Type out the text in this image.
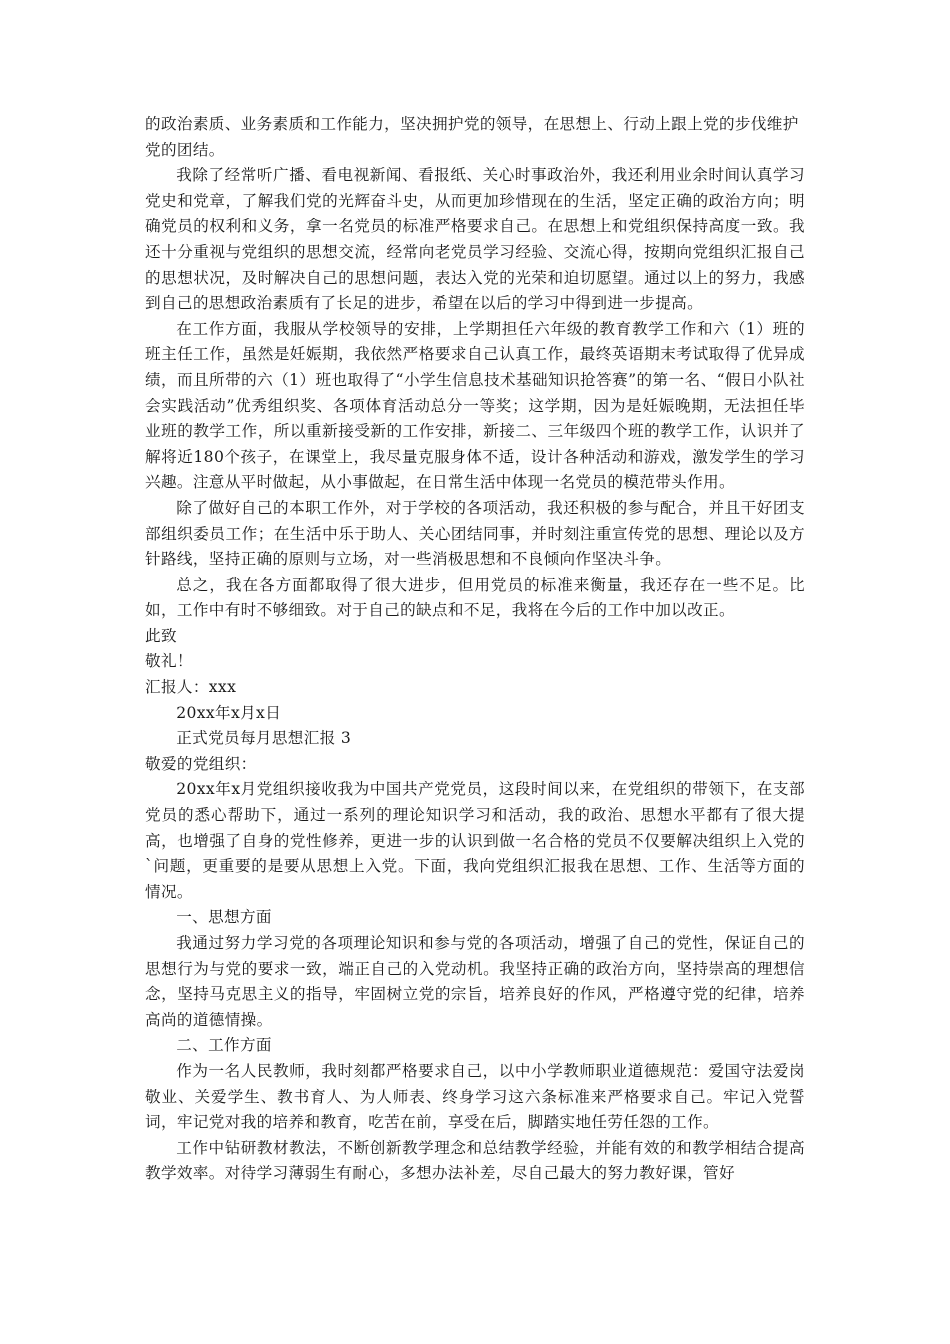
的政治素质、业务素质和工作能力，坚决拥护党的领导，在思想上、行动上跟上党的步伐维护党的团结。

我除了经常听广播、看电视新闻、看报纸、关心时事政治外，我还利用业余时间认真学习党史和党章，了解我们党的光辉奋斗史，从而更加珍惜现在的生活，坚定正确的政治方向；明确党员的权利和义务，拿一名党员的标准严格要求自己。在思想上和党组织保持高度一致。我还十分重视与党组织的思想交流，经常向老党员学习经验、交流心得，按期向党组织汇报自己的思想状况，及时解决自己的思想问题，表达入党的光荣和迫切愿望。通过以上的努力，我感到自己的思想政治素质有了长足的进步，希望在以后的学习中得到进一步提高。

在工作方面，我服从学校领导的安排，上学期担任六年级的教育教学工作和六（1）班的班主任工作，虽然是妊娠期，我依然严格要求自己认真工作，最终英语期末考试取得了优异成绩，而且所带的六（1）班也取得了“小学生信息技术基础知识抢答赛”的第一名、“假日小队社会实践活动”优秀组织奖、各项体育活动总分一等奖；这学期，因为是妊娠晚期，无法担任毕业班的教学工作，所以重新接受新的工作安排，新接二、三年级四个班的教学工作，认识并了解将近180个孩子，在课堂上，我尽量克服身体不适，设计各种活动和游戏，激发学生的学习兴趣。注意从平时做起，从小事做起，在日常生活中体现一名党员的模范带头作用。

除了做好自己的本职工作外，对于学校的各项活动，我还积极的参与配合，并且干好团支部组织委员工作；在生活中乐于助人、关心团结同事，并时刻注重宣传党的思想、理论以及方针路线，坚持正确的原则与立场，对一些消极思想和不良倾向作坚决斗争。

总之，我在各方面都取得了很大进步，但用党员的标准来衡量，我还存在一些不足。比如，工作中有时不够细致。对于自己的缺点和不足，我将在今后的工作中加以改正。

此致

敬礼！

汇报人：xxx

20xx年x月x日

正式党员每月思想汇报 3

敬爱的党组织：

20xx年x月党组织接收我为中国共产党党员，这段时间以来，在党组织的带领下，在支部党员的悉心帮助下，通过一系列的理论知识学习和活动，我的政治、思想水平都有了很大提高，也增强了自身的党性修养，更进一步的认识到做一名合格的党员不仅要解决组织上入党的`问题，更重要的是要从思想上入党。下面，我向党组织汇报我在思想、工作、生活等方面的情况。

一、思想方面

我通过努力学习党的各项理论知识和参与党的各项活动，增强了自己的党性，保证自己的思想行为与党的要求一致，端正自己的入党动机。我坚持正确的政治方向，坚持崇高的理想信念，坚持马克思主义的指导，牢固树立党的宗旨，培养良好的作风，严格遵守党的纪律，培养高尚的道德情操。

二、工作方面

作为一名人民教师，我时刻都严格要求自己，以中小学教师职业道德规范：爱国守法爱岗敬业、关爱学生、教书育人、为人师表、终身学习这六条标准来严格要求自己。牢记入党誓词，牢记党对我的培养和教育，吃苦在前，享受在后，脚踏实地任劳任怨的工作。

工作中钻研教材教法，不断创新教学理念和总结教学经验，并能有效的和教学相结合提高教学效率。对待学习薄弱生有耐心，多想办法补差，尽自己最大的努力教好课，管好
